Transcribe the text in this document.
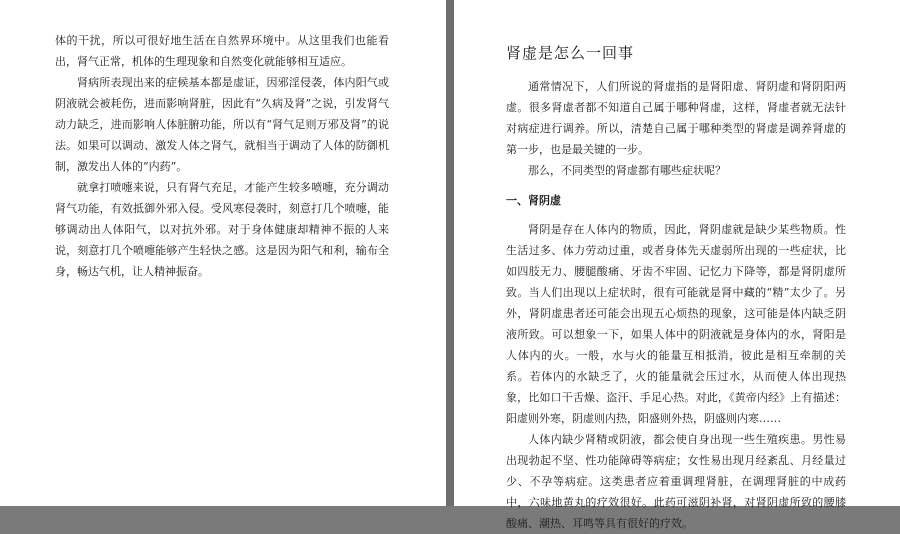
体的干扰，所以可很好地生活在自然界环境中。从这里我们也能看出，肾气正常，机体的生理现象和自然变化就能够相互适应。

肾病所表现出来的症候基本都是虚证，因邪淫侵袭，体内阳气或阴液就会被耗伤，进而影响肾脏，因此有“久病及肾”之说，引发肾气动力缺乏，进而影响人体脏腑功能，所以有“肾气足则万邪及肾”的说法。如果可以调动、激发人体之肾气，就相当于调动了人体的防御机制，激发出人体的“内药”。

就拿打喷嚏来说，只有肾气充足，才能产生较多喷嚏，充分调动肾气功能，有效抵御外邪入侵。受风寒侵袭时，刻意打几个喷嚏，能够调动出人体阳气，以对抗外邪。对于身体健康却精神不振的人来说，刻意打几个喷嚏能够产生轻快之感。这是因为阳气和利，输布全身，畅达气机，让人精神振奋。

肾虚是怎么一回事

通常情况下，人们所说的肾虚指的是肾阳虚、肾阴虚和肾阴阳两虚。很多肾虚者都不知道自己属于哪种肾虚，这样，肾虚者就无法针对病症进行调养。所以，清楚自己属于哪种类型的肾虚是调养肾虚的第一步，也是最关键的一步。

那么，不同类型的肾虚都有哪些症状呢？

一、肾阴虚

肾阴是存在人体内的物质，因此，肾阴虚就是缺少某些物质。性生活过多、体力劳动过重，或者身体先天虚弱所出现的一些症状，比如四肢无力、腰腿酸痛、牙齿不牢固、记忆力下降等，都是肾阴虚所致。当人们出现以上症状时，很有可能就是肾中藏的“精”太少了。另外，肾阴虚患者还可能会出现五心烦热的现象，这可能是体内缺乏阴液所致。可以想象一下，如果人体中的阴液就是身体内的水，肾阳是人体内的火。一般，水与火的能量互相抵消，彼此是相互牵制的关系。若体内的水缺乏了，火的能量就会压过水，从而使人体出现热象，比如口干舌燥、盗汗、手足心热。对此，《黄帝内经》上有描述：阳虚则外寒，阴虚则内热，阳盛则外热，阴盛则内寒……

人体内缺少肾精或阴液，都会使自身出现一些生殖疾患。男性易出现勃起不坚、性功能障碍等病症；女性易出现月经紊乱、月经量过少、不孕等病症。这类患者应着重调理肾脏，在调理肾脏的中成药中，六味地黄丸的疗效很好。此药可滋阴补肾，对肾阴虚所致的腰膝酸痛、潮热、耳鸣等具有很好的疗效。
